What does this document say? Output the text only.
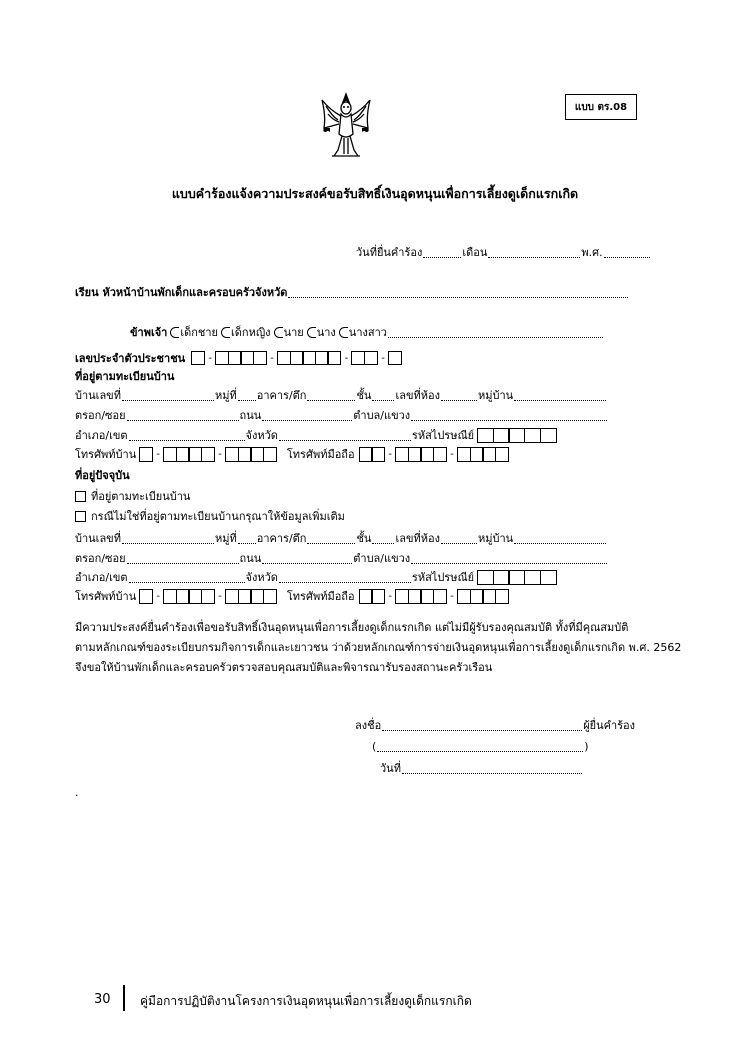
แบบ ตร.08
แบบคำร้องแจ้งความประสงค์ขอรับสิทธิ์เงินอุดหนุนเพื่อการเลี้ยงดูเด็กแรกเกิด
วันที่ยื่นคำร้อง	เดือน	พ.ศ.
เรียน หัวหน้าบ้านพักเด็กและครอบครัวจังหวัด
ข้าพเจ้า เด็กชาย เด็กหญิง นาย นาง นางสาว
เลขประจำตัวประชาชน	-	-	-	-
ที่อยู่ตามทะเบียนบ้าน
บ้านเลขที่	หมู่ที่ อาคาร/ตึก	ชั้น เลขที่ห้อง	หมู่บ้าน
ตรอก/ซอย	ถนน	ตำบล/แขวง
อำเภอ/เขต	จังหวัด	รหัสไปรษณีย์
โทรศัพท์บ้าน	-	-	โทรศัพท์มือถือ	-	-
ที่อยู่ปัจจุบัน
ที่อยู่ตามทะเบียนบ้าน
กรณีไม่ใช่ที่อยู่ตามทะเบียนบ้านกรุณาให้ข้อมูลเพิ่มเติม
บ้านเลขที่	หมู่ที่ อาคาร/ตึก	ชั้น เลขที่ห้อง	หมู่บ้าน
ตรอก/ซอย	ถนน	ตำบล/แขวง
อำเภอ/เขต	จังหวัด	รหัสไปรษณีย์
โทรศัพท์บ้าน	-	-	โทรศัพท์มือถือ	-	-
มีความประสงค์ยื่นคำร้องเพื่อขอรับสิทธิ์เงินอุดหนุนเพื่อการเลี้ยงดูเด็กแรกเกิด แต่ไม่มีผู้รับรองคุณสมบัติ ทั้งที่มีคุณสมบัติ
ตามหลักเกณฑ์ของระเบียบกรมกิจการเด็กและเยาวชน ว่าด้วยหลักเกณฑ์การจ่ายเงินอุดหนุนเพื่อการเลี้ยงดูเด็กแรกเกิด พ.ศ. 2562
จึงขอให้บ้านพักเด็กและครอบครัวตรวจสอบคุณสมบัติและพิจารณารับรองสถานะครัวเรือน
ลงชื่อ	ผู้ยื่นคำร้อง
(	)
วันที่
.
30 คู่มือการปฏิบัติงานโครงการเงินอุดหนุนเพื่อการเลี้ยงดูเด็กแรกเกิด
